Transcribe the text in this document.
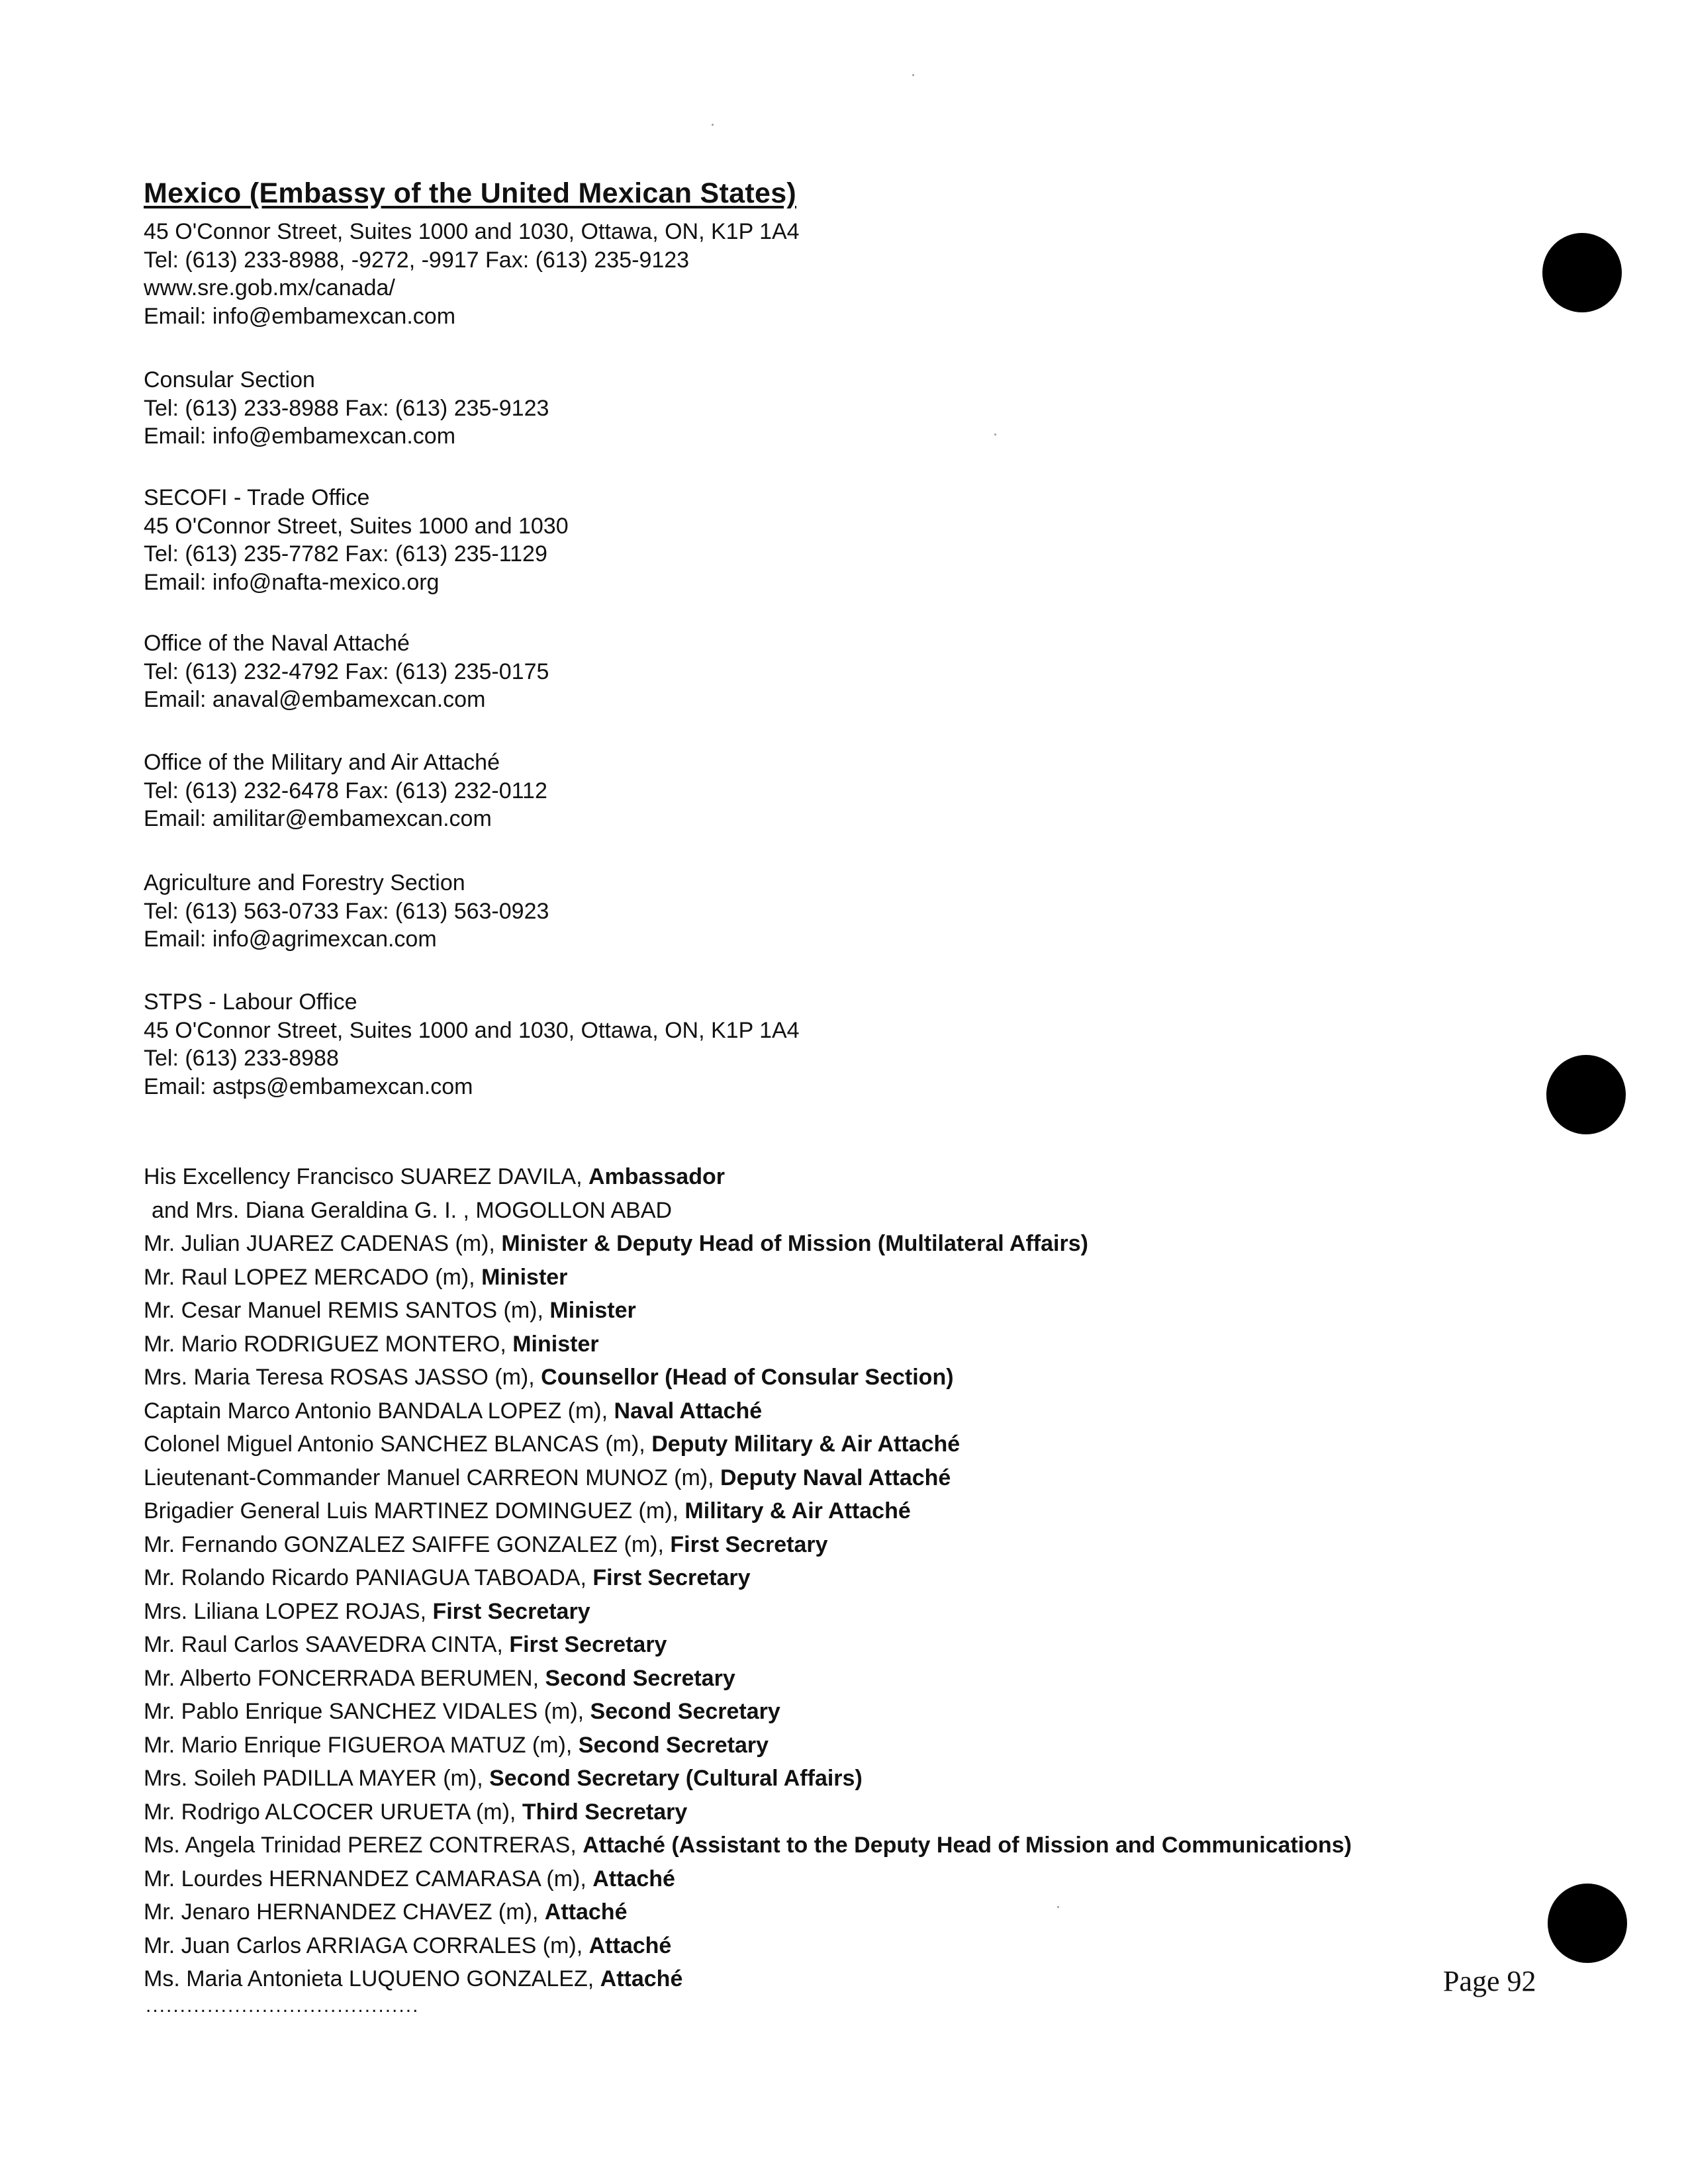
Mexico (Embassy of the United Mexican States)
45 O'Connor Street, Suites 1000 and 1030, Ottawa, ON, K1P 1A4
Tel: (613) 233-8988, -9272, -9917 Fax: (613) 235-9123
www.sre.gob.mx/canada/
Email: info@embamexcan.com
Consular Section
Tel: (613) 233-8988 Fax: (613) 235-9123
Email: info@embamexcan.com
SECOFI - Trade Office
45 O'Connor Street, Suites 1000 and 1030
Tel: (613) 235-7782 Fax: (613) 235-1129
Email: info@nafta-mexico.org
Office of the Naval Attaché
Tel: (613) 232-4792 Fax: (613) 235-0175
Email: anaval@embamexcan.com
Office of the Military and Air Attaché
Tel: (613) 232-6478 Fax: (613) 232-0112
Email: amilitar@embamexcan.com
Agriculture and Forestry Section
Tel: (613) 563-0733 Fax: (613) 563-0923
Email: info@agrimexcan.com
STPS - Labour Office
45 O'Connor Street, Suites 1000 and 1030, Ottawa, ON, K1P 1A4
Tel: (613) 233-8988
Email: astps@embamexcan.com
His Excellency Francisco SUAREZ DAVILA, Ambassador
and Mrs. Diana Geraldina G. I. , MOGOLLON ABAD
Mr. Julian JUAREZ CADENAS (m), Minister & Deputy Head of Mission (Multilateral Affairs)
Mr. Raul LOPEZ MERCADO (m), Minister
Mr. Cesar Manuel REMIS SANTOS (m), Minister
Mr. Mario RODRIGUEZ MONTERO, Minister
Mrs. Maria Teresa ROSAS JASSO (m), Counsellor (Head of Consular Section)
Captain Marco Antonio BANDALA LOPEZ (m), Naval Attaché
Colonel Miguel Antonio SANCHEZ BLANCAS (m), Deputy Military & Air Attaché
Lieutenant-Commander Manuel CARREON MUNOZ (m), Deputy Naval Attaché
Brigadier General Luis MARTINEZ DOMINGUEZ (m), Military & Air Attaché
Mr. Fernando GONZALEZ SAIFFE GONZALEZ (m), First Secretary
Mr. Rolando Ricardo PANIAGUA TABOADA, First Secretary
Mrs. Liliana LOPEZ ROJAS, First Secretary
Mr. Raul Carlos SAAVEDRA CINTA, First Secretary
Mr. Alberto FONCERRADA BERUMEN, Second Secretary
Mr. Pablo Enrique SANCHEZ VIDALES (m), Second Secretary
Mr. Mario Enrique FIGUEROA MATUZ (m), Second Secretary
Mrs. Soileh PADILLA MAYER (m), Second Secretary (Cultural Affairs)
Mr. Rodrigo ALCOCER URUETA (m), Third Secretary
Ms. Angela Trinidad PEREZ CONTRERAS, Attaché (Assistant to the Deputy Head of Mission and Communications)
Mr. Lourdes HERNANDEZ CAMARASA (m), Attaché
Mr. Jenaro HERNANDEZ CHAVEZ (m), Attaché
Mr. Juan Carlos ARRIAGA CORRALES (m), Attaché
Ms. Maria Antonieta LUQUENO GONZALEZ, Attaché
........................................
Page 92
